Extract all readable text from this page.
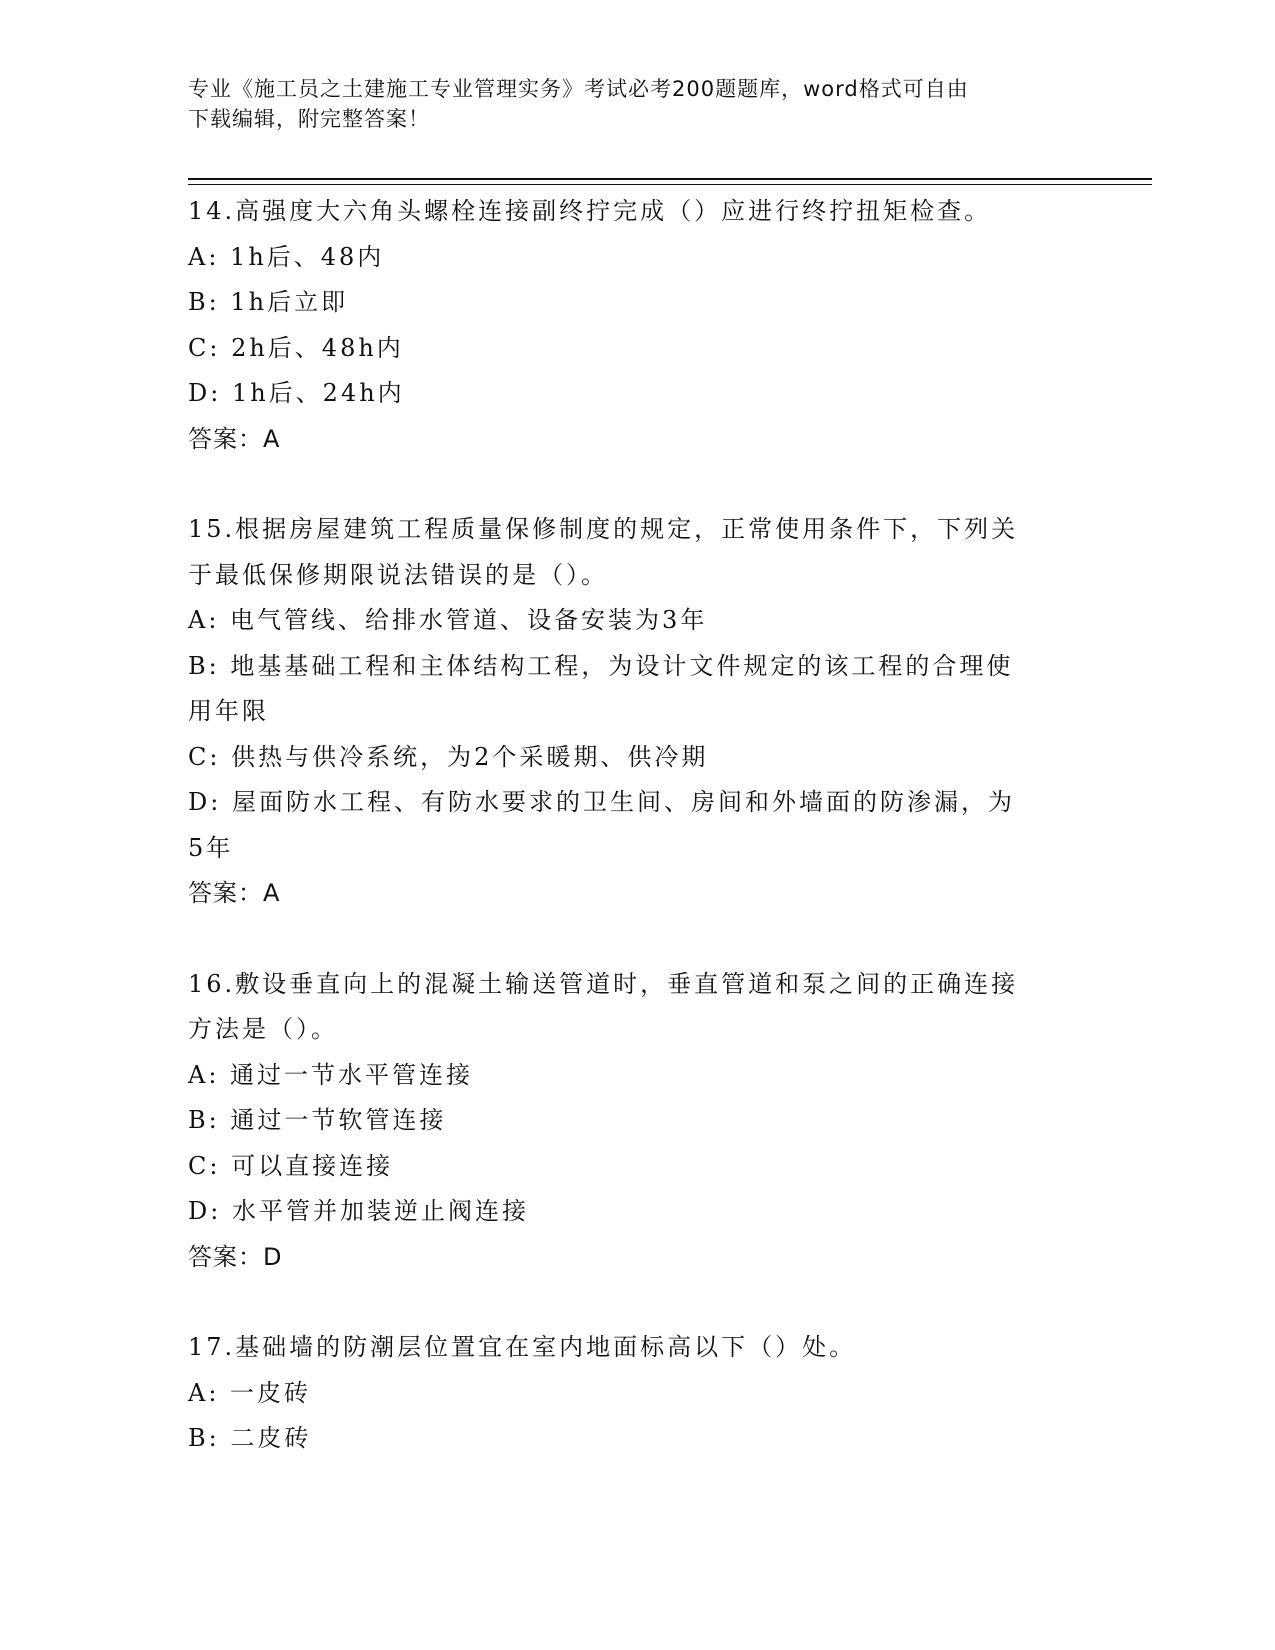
专业《施工员之土建施工专业管理实务》考试必考200题题库，word格式可自由
下载编辑，附完整答案！
14.高强度大六角头螺栓连接副终拧完成（）应进行终拧扭矩检查。
A: 1h后、48内
B: 1h后立即
C: 2h后、48h内
D: 1h后、24h内
答案：A
15.根据房屋建筑工程质量保修制度的规定，正常使用条件下，下列关
于最低保修期限说法错误的是（）。
A: 电气管线、给排水管道、设备安装为3年
B: 地基基础工程和主体结构工程，为设计文件规定的该工程的合理使
用年限
C: 供热与供冷系统，为2个采暖期、供冷期
D: 屋面防水工程、有防水要求的卫生间、房间和外墙面的防渗漏，为
5年
答案：A
16.敷设垂直向上的混凝土输送管道时，垂直管道和泵之间的正确连接
方法是（）。
A: 通过一节水平管连接
B: 通过一节软管连接
C: 可以直接连接
D: 水平管并加装逆止阀连接
答案：D
17.基础墙的防潮层位置宜在室内地面标高以下（）处。
A: 一皮砖
B: 二皮砖
